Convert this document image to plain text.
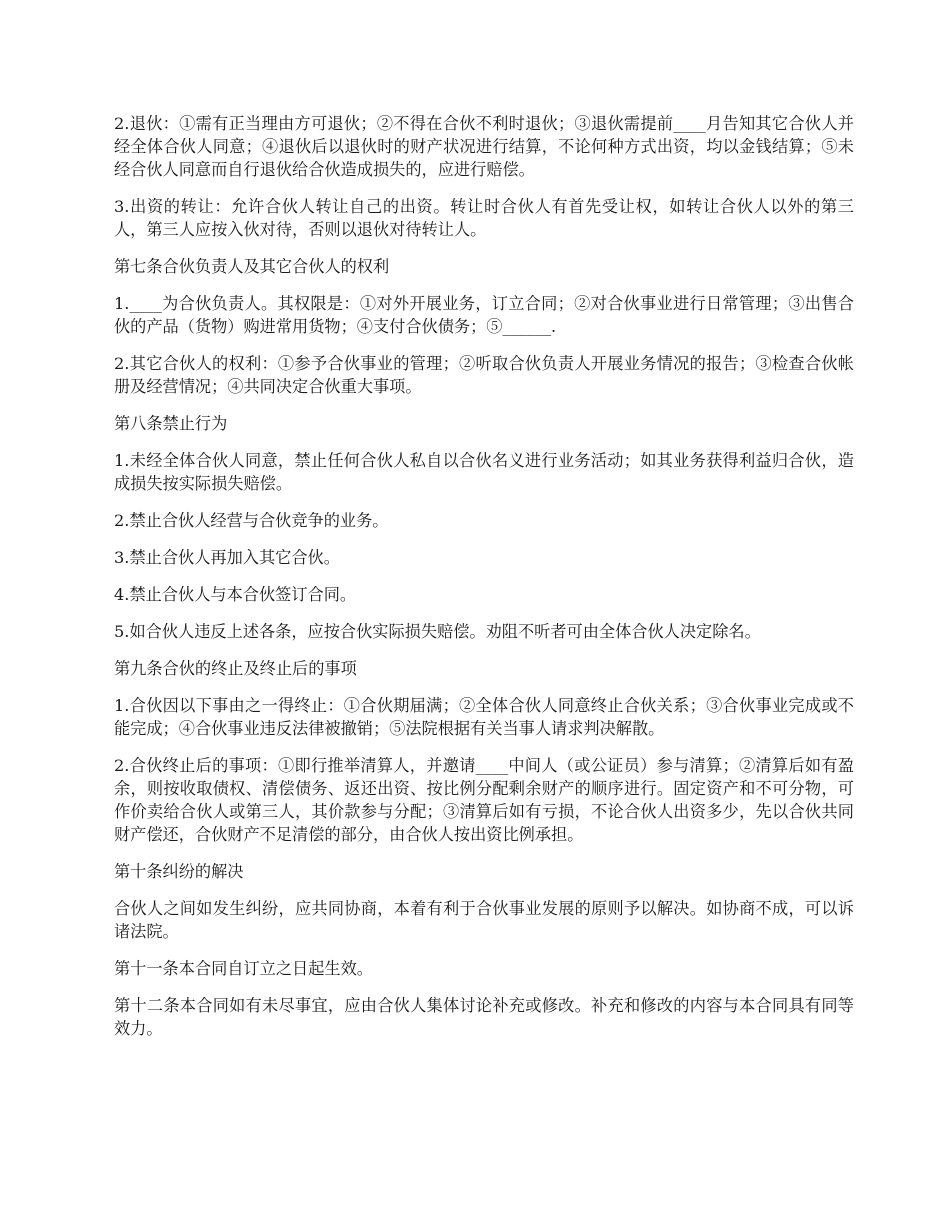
2.退伙：①需有正当理由方可退伙；②不得在合伙不利时退伙；③退伙需提前____月告知其它合伙人并经全体合伙人同意；④退伙后以退伙时的财产状况进行结算，不论何种方式出资，均以金钱结算；⑤未经合伙人同意而自行退伙给合伙造成损失的，应进行赔偿。

3.出资的转让：允许合伙人转让自己的出资。转让时合伙人有首先受让权，如转让合伙人以外的第三人，第三人应按入伙对待，否则以退伙对待转让人。

第七条合伙负责人及其它合伙人的权利

1.____为合伙负责人。其权限是：①对外开展业务，订立合同；②对合伙事业进行日常管理；③出售合伙的产品（货物）购进常用货物；④支付合伙债务；⑤______.

2.其它合伙人的权利：①参予合伙事业的管理；②听取合伙负责人开展业务情况的报告；③检查合伙帐册及经营情况；④共同决定合伙重大事项。

第八条禁止行为

1.未经全体合伙人同意，禁止任何合伙人私自以合伙名义进行业务活动；如其业务获得利益归合伙，造成损失按实际损失赔偿。

2.禁止合伙人经营与合伙竞争的业务。

3.禁止合伙人再加入其它合伙。

4.禁止合伙人与本合伙签订合同。

5.如合伙人违反上述各条，应按合伙实际损失赔偿。劝阻不听者可由全体合伙人决定除名。

第九条合伙的终止及终止后的事项

1.合伙因以下事由之一得终止：①合伙期届满；②全体合伙人同意终止合伙关系；③合伙事业完成或不能完成；④合伙事业违反法律被撤销；⑤法院根据有关当事人请求判决解散。

2.合伙终止后的事项：①即行推举清算人，并邀请____中间人（或公证员）参与清算；②清算后如有盈余，则按收取债权、清偿债务、返还出资、按比例分配剩余财产的顺序进行。固定资产和不可分物，可作价卖给合伙人或第三人，其价款参与分配；③清算后如有亏损，不论合伙人出资多少，先以合伙共同财产偿还，合伙财产不足清偿的部分，由合伙人按出资比例承担。

第十条纠纷的解决

合伙人之间如发生纠纷，应共同协商，本着有利于合伙事业发展的原则予以解决。如协商不成，可以诉诸法院。

第十一条本合同自订立之日起生效。

第十二条本合同如有未尽事宜，应由合伙人集体讨论补充或修改。补充和修改的内容与本合同具有同等效力。
